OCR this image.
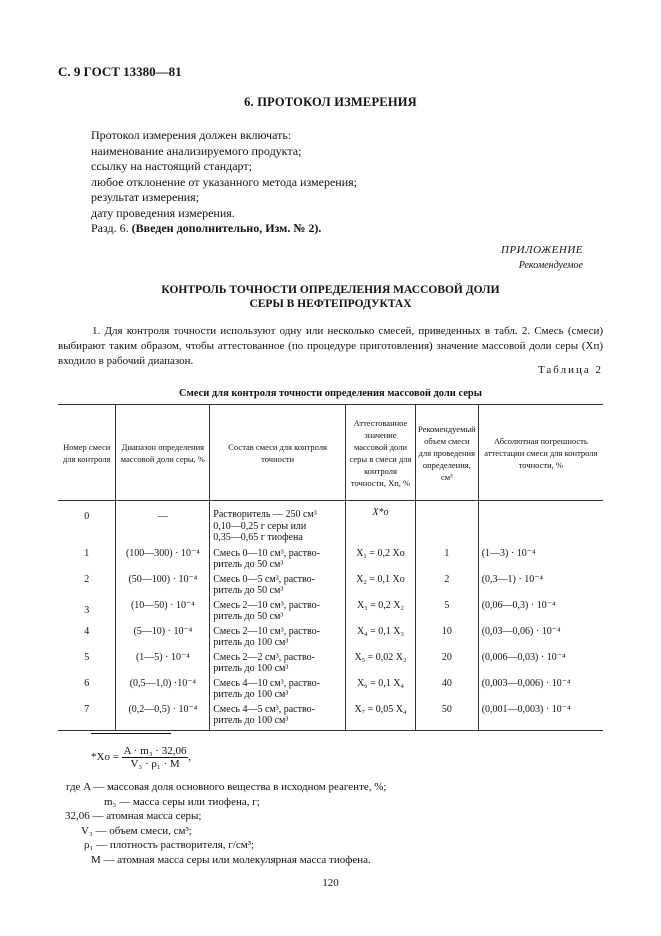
С. 9 ГОСТ 13380—81
6. ПРОТОКОЛ ИЗМЕРЕНИЯ
Протокол измерения должен включать:
наименование анализируемого продукта;
ссылку на настоящий стандарт;
любое отклонение от указанного метода измерения;
результат измерения;
дату проведения измерения.
Разд. 6. (Введен дополнительно, Изм. № 2).
ПРИЛОЖЕНИЕ
Рекомендуемое
КОНТРОЛЬ ТОЧНОСТИ ОПРЕДЕЛЕНИЯ МАССОВОЙ ДОЛИ
СЕРЫ В НЕФТЕПРОДУКТАХ
1. Для контроля точности используют одну или несколько смесей, приведенных в табл. 2. Смесь (смеси) выбирают таким образом, чтобы аттестованное (по процедуре приготовления) значение массовой доли серы (Xп) входило в рабочий диапазон.
Таблица 2
Смеси для контроля точности определения массовой доли серы
Номер смеси для контроля	Диапазон определения массовой доли серы, %	Состав смеси для контроля точности	Аттестованное значение массовой доли серы в смеси для контроля точности, Xп, %	Рекомендуемый объем смеси для проведения определения, см³	Абсолютная погрешность аттестации смеси для контроля точности, %
0	—	Растворитель — 250 см³
0,10—0,25 г серы или
0,35—0,65 г тиофена	X*о		
1	(100—300) · 10⁻⁴	Смесь 0—10 см³, раство-
ритель до 50 см³	X₁ = 0,2 Xо	1	(1—3) · 10⁻⁴
2	(50—100) · 10⁻⁴	Смесь 0—5 см³, раство-
ритель до 50 см³	X₂ = 0,1 Xо	2	(0,3—1) · 10⁻⁴
3	(10—50) · 10⁻⁴	Смесь 2—10 см³, раство-
ритель до 50 см³	X₃ = 0,2 X₂	5	(0,06—0,3) · 10⁻⁴
4	(5—10) · 10⁻⁴	Смесь 2—10 см³, раство-
ритель до 100 см³	X₄ = 0,1 X₃	10	(0,03—0,06) · 10⁻⁴
5	(1—5) · 10⁻⁴	Смесь 2—2 см³, раство-
ритель до 100 см³	X₅ = 0,02 X₂	20	(0,006—0,03) · 10⁻⁴
6	(0,5—1,0) ·10⁻⁴	Смесь 4—10 см³, раство-
ритель до 100 см³	X₆ = 0,1 X₄	40	(0,003—0,006) · 10⁻⁴
7	(0,2—0,5) · 10⁻⁴	Смесь 4—5 см³, раство-
ритель до 100 см³	X₇ = 0,05 X₄	50	(0,001—0,003) · 10⁻⁴
$*Xо = \frac{\text{A · m₃ · 32,06}}{\text{V₃ · ρ₁ · M}}$ ,
где A — массовая доля основного вещества в исходном реагенте, %;
m₃ — масса серы или тиофена, г;
32,06 — атомная масса серы;
V₃ — объем смеси, см³;
ρ₁ — плотность растворителя, г/см³;
M — атомная масса серы или молекулярная масса тиофена.
120
